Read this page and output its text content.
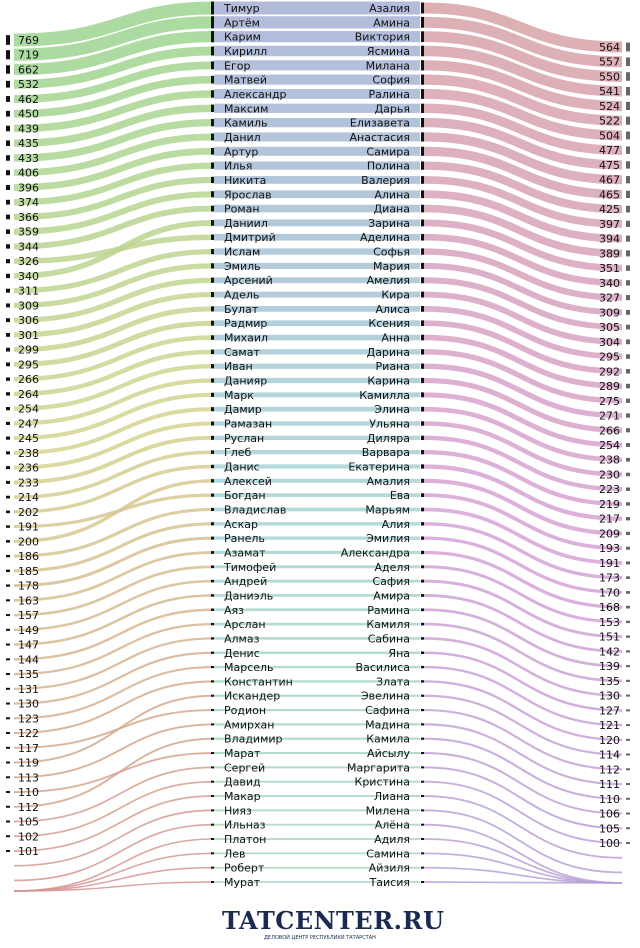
Тимур	Азалия
Артём	Амина
Карим	Виктория
Кирилл	Ясмина
Егор	Милана
Матвей	София
Александр	Ралина
Максим	Дарья
Камиль	Елизавета
Данил	Анастасия
Артур	Самира
Илья	Полина
Никита	Валерия
Ярослав	Алина
Роман	Диана
Даниил	Зарина
Дмитрий	Аделина
Ислам	Софья
Эмиль	Мария
Арсений	Амелия
Адель	Кира
Булат	Алиса
Радмир	Ксения
Михаил	Анна
Самат	Дарина
Иван	Риана
Данияр	Карина
Марк	Камилла
Дамир	Элина
Рамазан	Ульяна
Руслан	Диляра
Глеб	Варвара
Данис	Екатерина
Алексей	Амалия
Богдан	Ева
Владислав	Марьям
Аскар	Алия
Ранель	Эмилия
Азамат	Александра
Тимофей	Аделя
Андрей	Сафия
Даниэль	Амира
Аяз	Рамина
Арслан	Камиля
Алмаз	Сабина
Денис	Яна
Марсель	Василиса
Константин	Злата
Искандер	Эвелина
Родион	Сафина
Амирхан	Мадина
Владимир	Камила
Марат	Айсылу
Сергей	Маргарита
Давид	Кристина
Макар	Лиана
Нияз	Милена
Ильназ	Алёна
Платон	Адиля
Лев	Самина
Роберт	Айзиля
Мурат	Таисия
769
719
662
532
462
450
439
435
433
406
396
374
366
359
344
326
340
311
309
306
301
299
295
266
264
254
247
245
238
236
233
214
202
191
200
186
185
178
163
157
149
147
144
135
131
130
123
122
117
119
113
110
112
105
102
101
564
557
550
541
524
522
504
477
475
467
465
425
397
394
389
351
340
327
309
305
304
295
292
289
275
271
266
254
238
230
223
219
217
209
193
191
173
170
168
153
151
142
139
135
130
127
121
120
114
112
111
110
106
105
100
TATCENTER.RU
ДЕЛОВОЙ ЦЕНТР РЕСПУБЛИКИ ТАТАРСТАН
